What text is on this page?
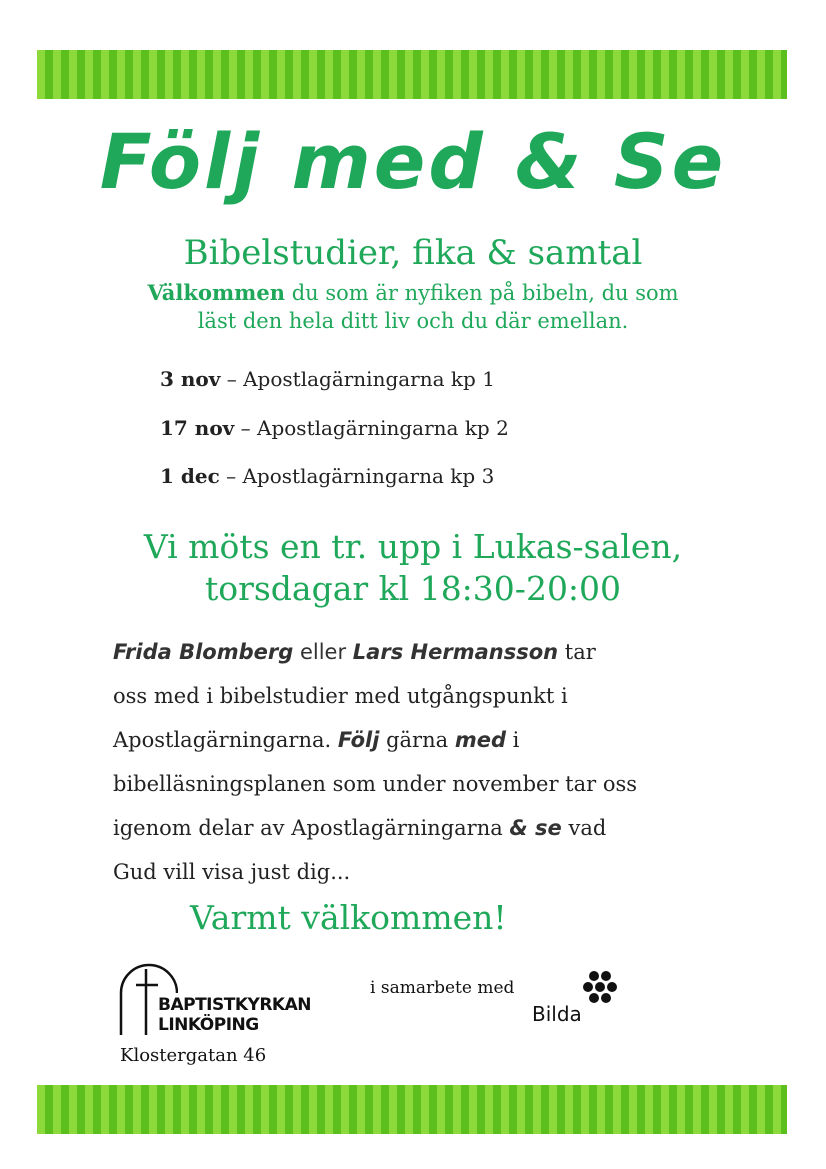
Följ med & Se
Bibelstudier, fika & samtal
Välkommen du som är nyfiken på bibeln, du som
läst den hela ditt liv och du där emellan.
3 nov – Apostlagärningarna kp 1
17 nov – Apostlagärningarna kp 2
1 dec – Apostlagärningarna kp 3
Vi möts en tr. upp i Lukas-salen,
torsdagar kl 18:30-20:00
Frida Blomberg eller Lars Hermansson tar
oss med i bibelstudier med utgångspunkt i
Apostlagärningarna. Följ gärna med i
bibelläsningsplanen som under november tar oss
igenom delar av Apostlagärningarna & se vad
Gud vill visa just dig...
Varmt välkommen!
BAPTISTKYRKAN
LINKÖPING
Klostergatan 46
i samarbete med
Bilda
